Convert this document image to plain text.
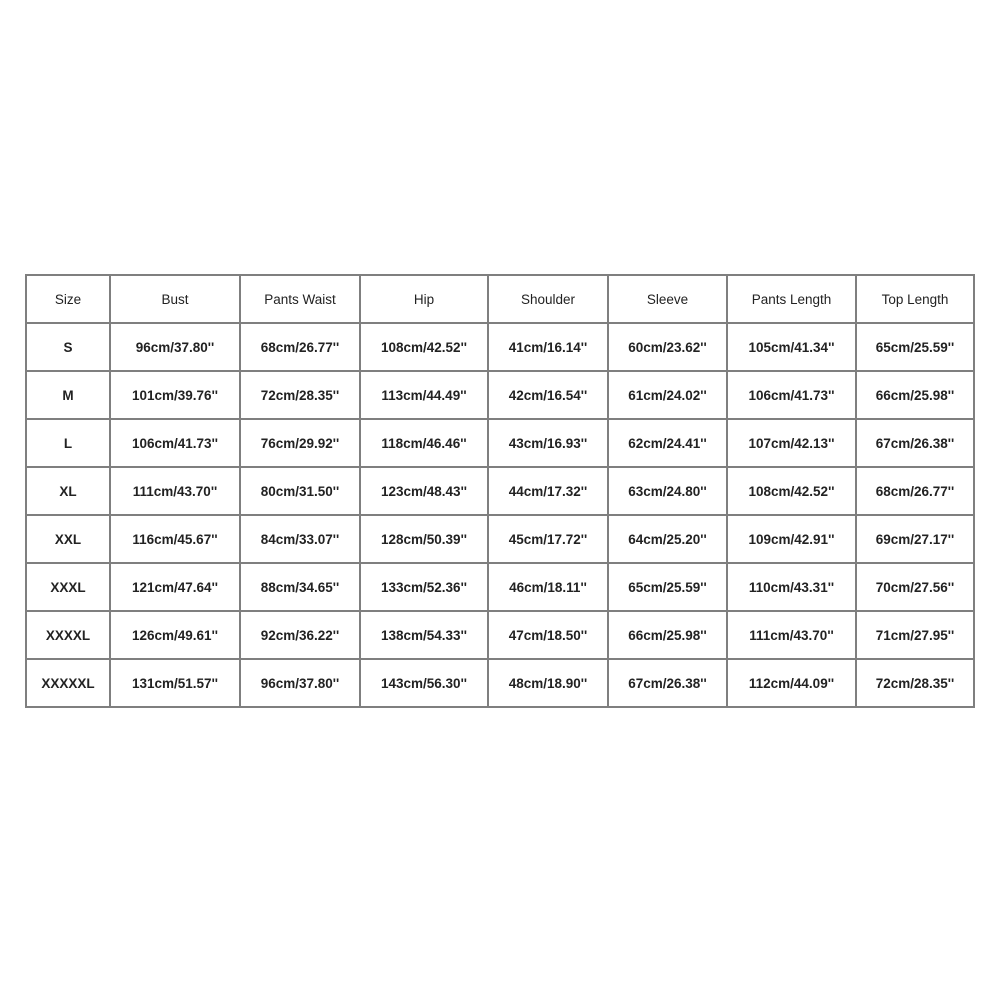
Size	Bust	Pants Waist	Hip	Shoulder	Sleeve	Pants Length	Top Length
S	96cm/37.80''	68cm/26.77''	108cm/42.52''	41cm/16.14''	60cm/23.62''	105cm/41.34''	65cm/25.59''
M	101cm/39.76''	72cm/28.35''	113cm/44.49''	42cm/16.54''	61cm/24.02''	106cm/41.73''	66cm/25.98''
L	106cm/41.73''	76cm/29.92''	118cm/46.46''	43cm/16.93''	62cm/24.41''	107cm/42.13''	67cm/26.38''
XL	111cm/43.70''	80cm/31.50''	123cm/48.43''	44cm/17.32''	63cm/24.80''	108cm/42.52''	68cm/26.77''
XXL	116cm/45.67''	84cm/33.07''	128cm/50.39''	45cm/17.72''	64cm/25.20''	109cm/42.91''	69cm/27.17''
XXXL	121cm/47.64''	88cm/34.65''	133cm/52.36''	46cm/18.11''	65cm/25.59''	110cm/43.31''	70cm/27.56''
XXXXL	126cm/49.61''	92cm/36.22''	138cm/54.33''	47cm/18.50''	66cm/25.98''	111cm/43.70''	71cm/27.95''
XXXXXL	131cm/51.57''	96cm/37.80''	143cm/56.30''	48cm/18.90''	67cm/26.38''	112cm/44.09''	72cm/28.35''
